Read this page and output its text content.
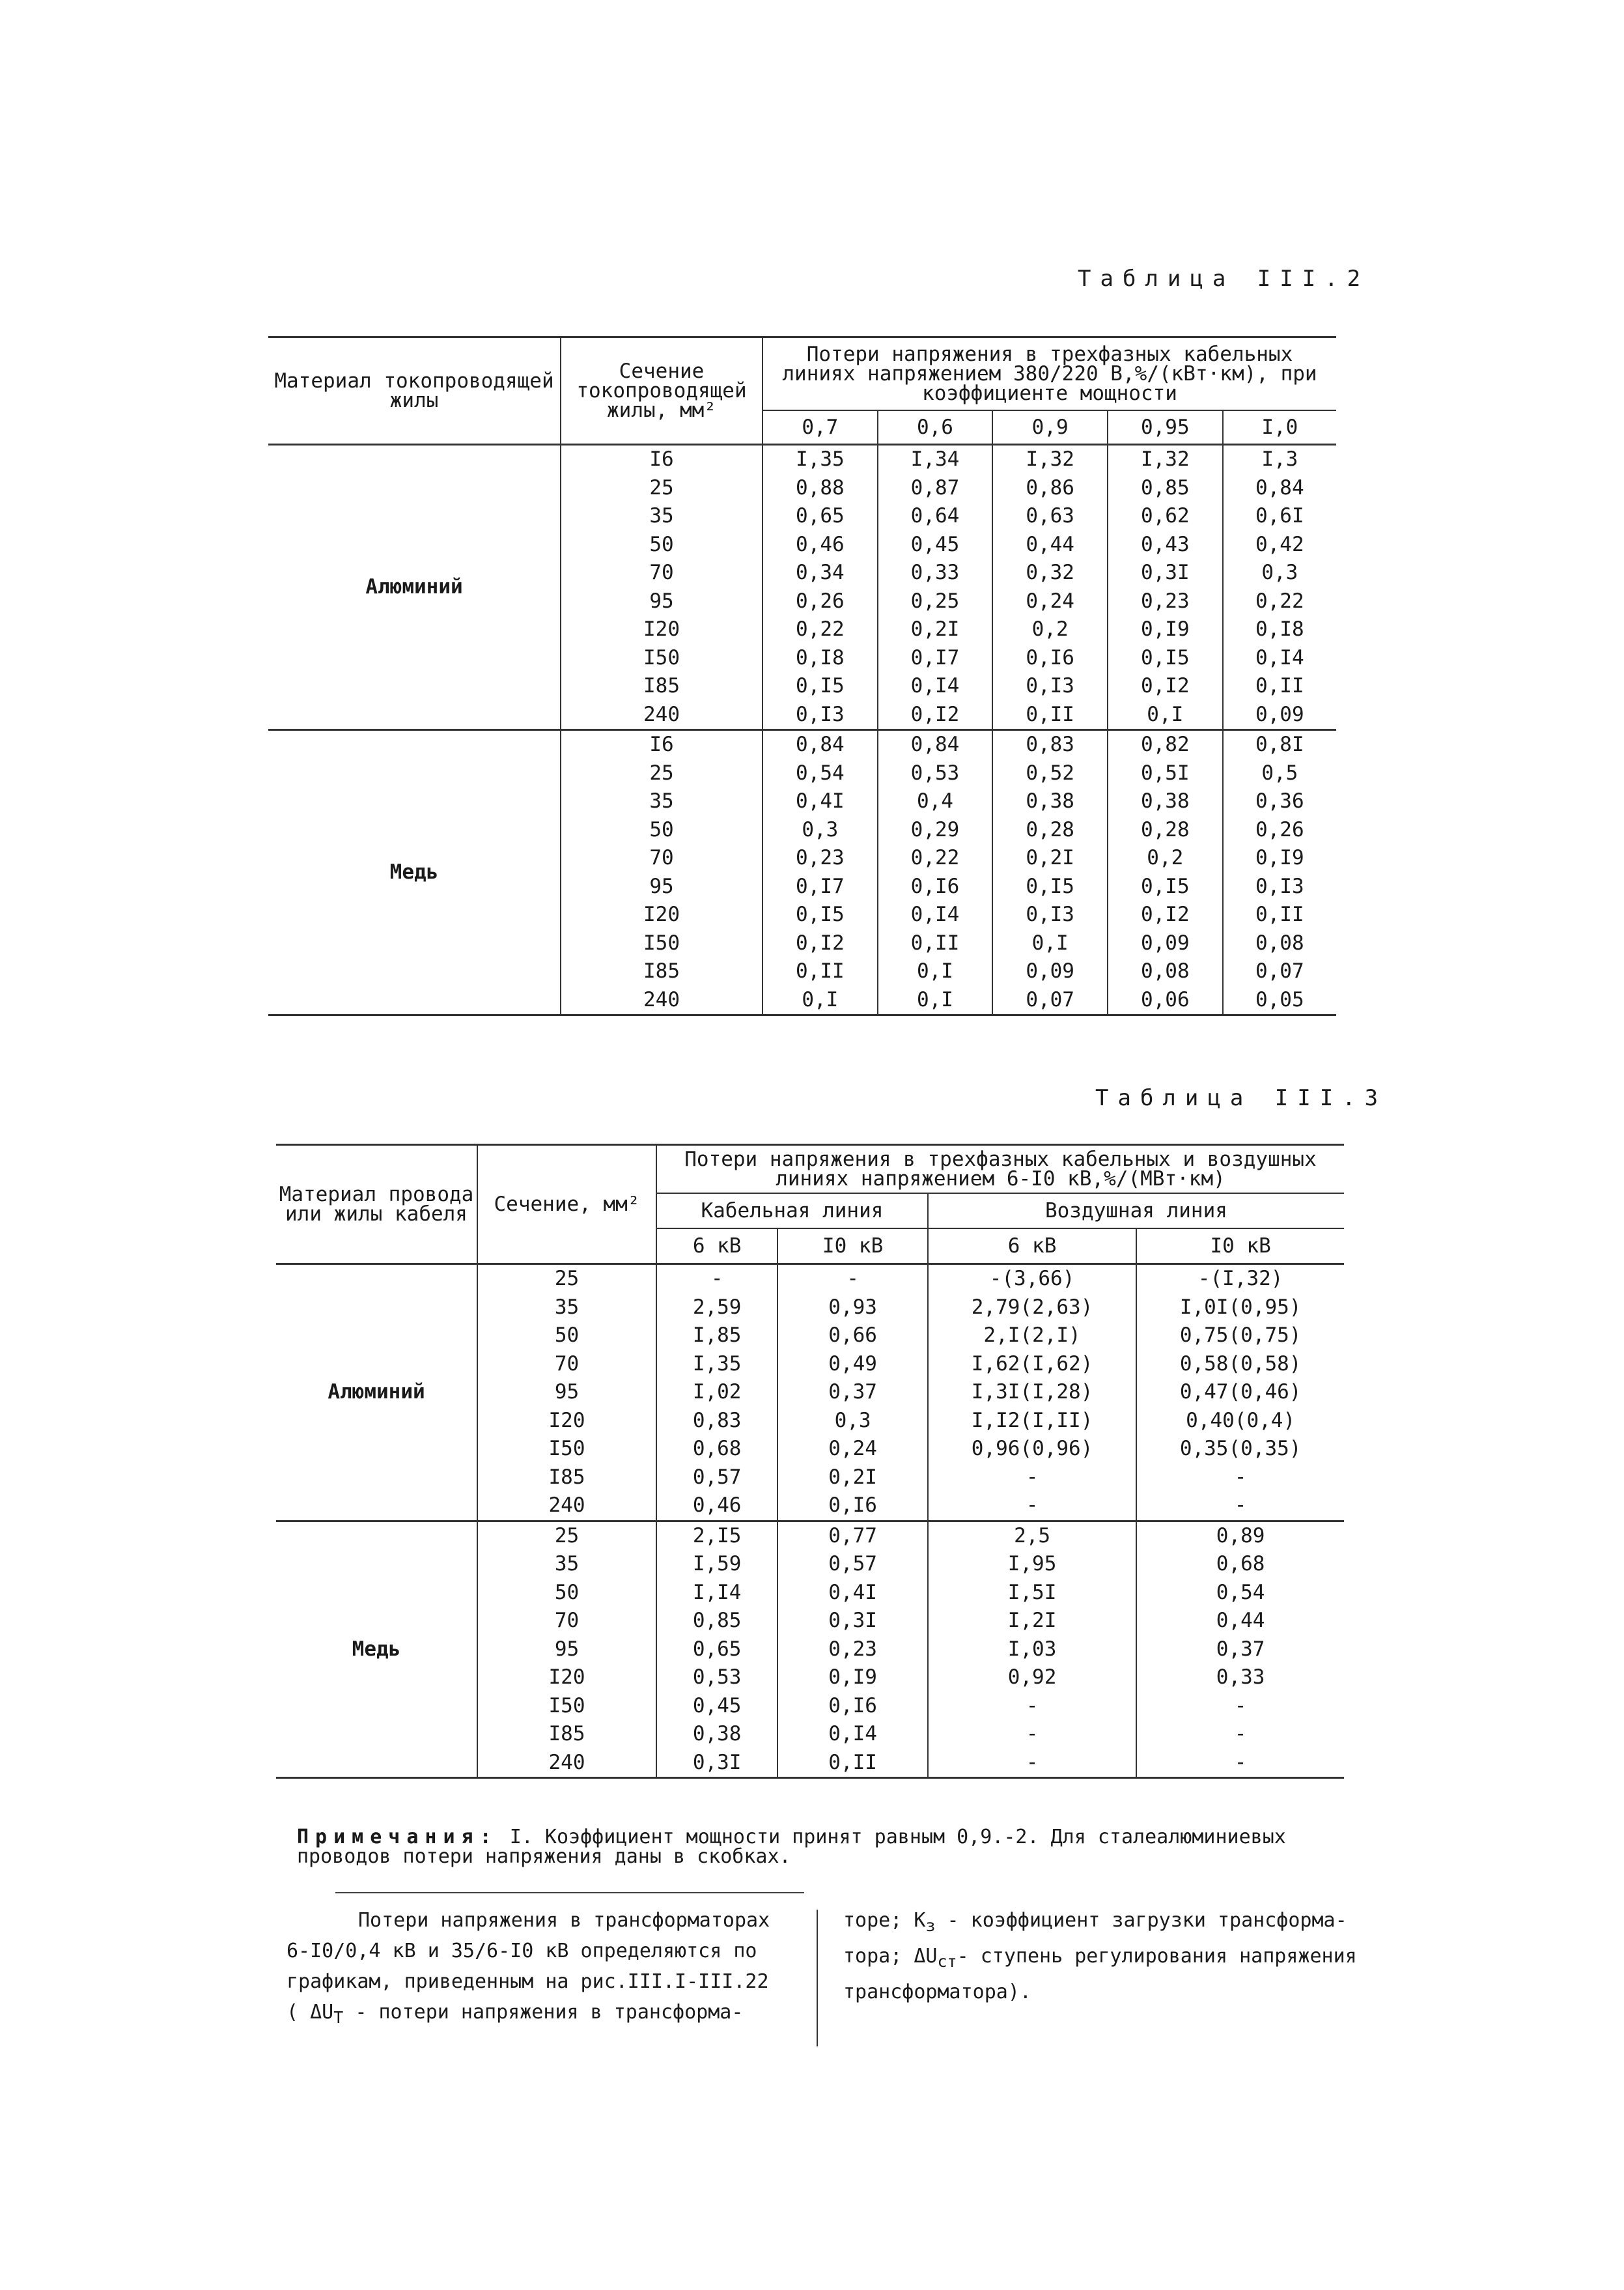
Таблица III.2
Материал токопроводящей жилы	Сечение токопроводящей жилы, мм²	Потери напряжения в трехфазных кабельных линиях напряжением 380/220 В,%/(кВт·км), при коэффициенте мощности				
		0,7	0,6	0,9	0,95	I,0
Алюминий	I6	I,35	I,34	I,32	I,32	I,3
	25	0,88	0,87	0,86	0,85	0,84
	35	0,65	0,64	0,63	0,62	0,6I
	50	0,46	0,45	0,44	0,43	0,42
	70	0,34	0,33	0,32	0,3I	0,3
	95	0,26	0,25	0,24	0,23	0,22
	I20	0,22	0,2I	0,2	0,I9	0,I8
	I50	0,I8	0,I7	0,I6	0,I5	0,I4
	I85	0,I5	0,I4	0,I3	0,I2	0,II
	240	0,I3	0,I2	0,II	0,I	0,09
Медь	I6	0,84	0,84	0,83	0,82	0,8I
	25	0,54	0,53	0,52	0,5I	0,5
	35	0,4I	0,4	0,38	0,38	0,36
	50	0,3	0,29	0,28	0,28	0,26
	70	0,23	0,22	0,2I	0,2	0,I9
	95	0,I7	0,I6	0,I5	0,I5	0,I3
	I20	0,I5	0,I4	0,I3	0,I2	0,II
	I50	0,I2	0,II	0,I	0,09	0,08
	I85	0,II	0,I	0,09	0,08	0,07
	240	0,I	0,I	0,07	0,06	0,05
Таблица III.3
Материал провода или жилы кабеля	Сечение, мм²	Потери напряжения в трехфазных кабельных и воздушных линиях напряжением 6-I0 кВ,%/(МВт·км)			
		Кабельная линия		Воздушная линия	
		6 кВ	I0 кВ	6 кВ	I0 кВ
Алюминий	25	-	-	-(3,66)	-(I,32)
	35	2,59	0,93	2,79(2,63)	I,0I(0,95)
	50	I,85	0,66	2,I(2,I)	0,75(0,75)
	70	I,35	0,49	I,62(I,62)	0,58(0,58)
	95	I,02	0,37	I,3I(I,28)	0,47(0,46)
	I20	0,83	0,3	I,I2(I,II)	0,40(0,4)
	I50	0,68	0,24	0,96(0,96)	0,35(0,35)
	I85	0,57	0,2I	-	-
	240	0,46	0,I6	-	-
Медь	25	2,I5	0,77	2,5	0,89
	35	I,59	0,57	I,95	0,68
	50	I,I4	0,4I	I,5I	0,54
	70	0,85	0,3I	I,2I	0,44
	95	0,65	0,23	I,03	0,37
	I20	0,53	0,I9	0,92	0,33
	I50	0,45	0,I6	-	-
	I85	0,38	0,I4	-	-
	240	0,3I	0,II	-	-
Примечания: I. Коэффициент мощности принят равным 0,9.-2. Для сталеалюминиевых проводов потери напряжения даны в скобках.
Потери напряжения в трансформаторах
6-I0/0,4 кВ и 35/6-I0 кВ определяются по
графикам, приведенным на рис.III.I-III.22
( $\Delta U_T$ - потери напряжения в трансформа-
торе; $K_з$ - коэффициент загрузки трансформа-
тора; $\Delta U_{ст}-$ ступень регулирования напряжения
трансформатора).
